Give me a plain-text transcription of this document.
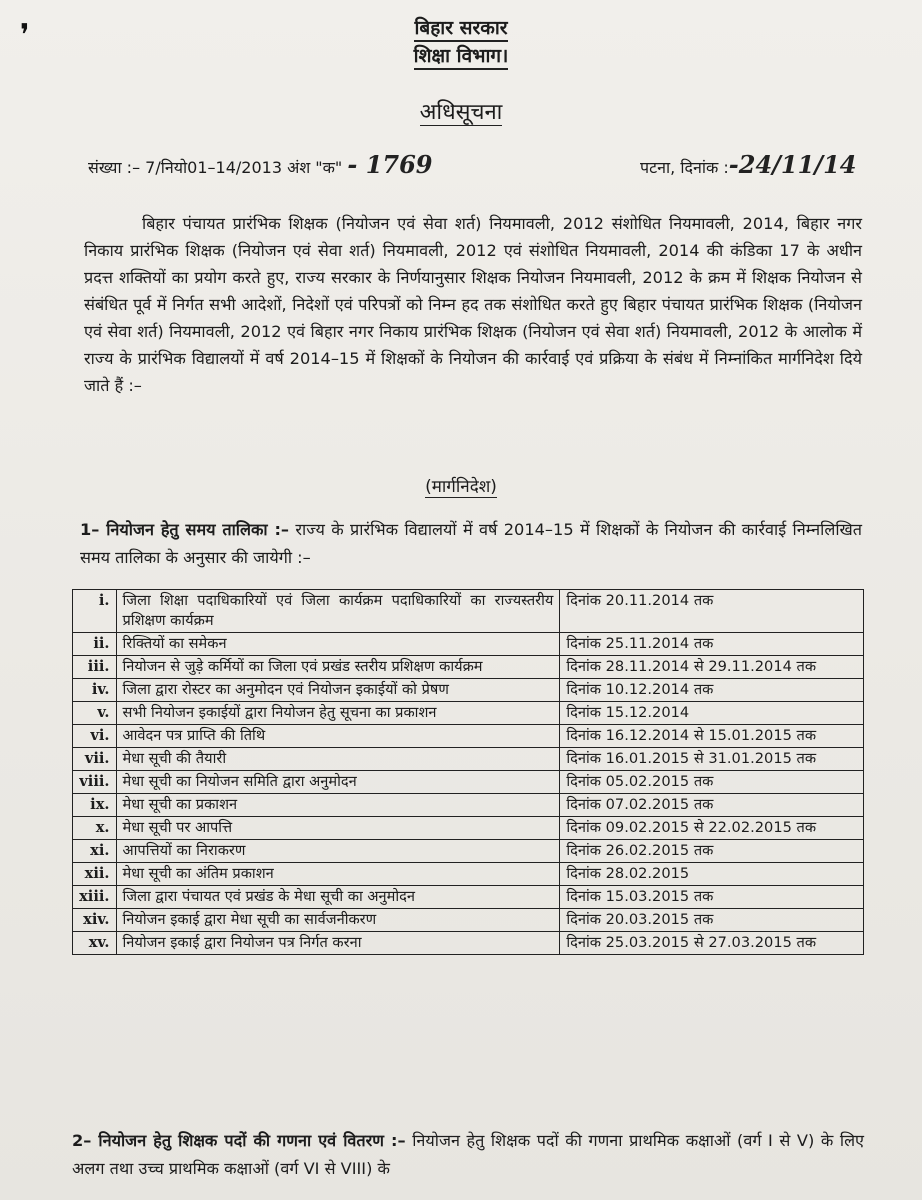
❜	बिहार सरकार
शिक्षा विभाग।
अधिसूचना
संख्या :– 7/नियो01–14/2013 अंश "क" - 1769	पटना, दिनांक :-24/11/14
बिहार पंचायत प्रारंभिक शिक्षक (नियोजन एवं सेवा शर्त) नियमावली, 2012 संशोधित नियमावली, 2014, बिहार नगर निकाय प्रारंभिक शिक्षक (नियोजन एवं सेवा शर्त) नियमावली, 2012 एवं संशोधित नियमावली, 2014 की कंडिका 17 के अधीन प्रदत्त शक्तियों का प्रयोग करते हुए, राज्य सरकार के निर्णयानुसार शिक्षक नियोजन नियमावली, 2012 के क्रम में शिक्षक नियोजन से संबंधित पूर्व में निर्गत सभी आदेशों, निदेशों एवं परिपत्रों को निम्न हद तक संशोधित करते हुए बिहार पंचायत प्रारंभिक शिक्षक (नियोजन एवं सेवा शर्त) नियमावली, 2012 एवं बिहार नगर निकाय प्रारंभिक शिक्षक (नियोजन एवं सेवा शर्त) नियमावली, 2012 के आलोक में राज्य के प्रारंभिक विद्यालयों में वर्ष 2014–15 में शिक्षकों के नियोजन की कार्रवाई एवं प्रक्रिया के संबंध में निम्नांकित मार्गनिदेश दिये जाते हैं :–
(मार्गनिदेश)
1– नियोजन हेतु समय तालिका :– राज्य के प्रारंभिक विद्यालयों में वर्ष 2014–15 में शिक्षकों के नियोजन की कार्रवाई निम्नलिखित समय तालिका के अनुसार की जायेगी :–
i.	जिला शिक्षा पदाधिकारियों एवं जिला कार्यक्रम पदाधिकारियों का राज्यस्तरीय प्रशिक्षण कार्यक्रम	दिनांक 20.11.2014 तक
ii.	रिक्तियों का समेकन	दिनांक 25.11.2014 तक
iii.	नियोजन से जुड़े कर्मियों का जिला एवं प्रखंड स्तरीय प्रशिक्षण कार्यक्रम	दिनांक 28.11.2014 से 29.11.2014 तक
iv.	जिला द्वारा रोस्टर का अनुमोदन एवं नियोजन इकाईयों को प्रेषण	दिनांक 10.12.2014 तक
v.	सभी नियोजन इकाईयों द्वारा नियोजन हेतु सूचना का प्रकाशन	दिनांक 15.12.2014
vi.	आवेदन पत्र प्राप्ति की तिथि	दिनांक 16.12.2014 से 15.01.2015 तक
vii.	मेधा सूची की तैयारी	दिनांक 16.01.2015 से 31.01.2015 तक
viii.	मेधा सूची का नियोजन समिति द्वारा अनुमोदन	दिनांक 05.02.2015 तक
ix.	मेधा सूची का प्रकाशन	दिनांक 07.02.2015 तक
x.	मेधा सूची पर आपत्ति	दिनांक 09.02.2015 से 22.02.2015 तक
xi.	आपत्तियों का निराकरण	दिनांक 26.02.2015 तक
xii.	मेधा सूची का अंतिम प्रकाशन	दिनांक 28.02.2015
xiii.	जिला द्वारा पंचायत एवं प्रखंड के मेधा सूची का अनुमोदन	दिनांक 15.03.2015 तक
xiv.	नियोजन इकाई द्वारा मेधा सूची का सार्वजनीकरण	दिनांक 20.03.2015 तक
xv.	नियोजन इकाई द्वारा नियोजन पत्र निर्गत करना	दिनांक 25.03.2015 से 27.03.2015 तक
2– नियोजन हेतु शिक्षक पदों की गणना एवं वितरण :– नियोजन हेतु शिक्षक पदों की गणना प्राथमिक कक्षाओं (वर्ग I से V) के लिए अलग तथा उच्च प्राथमिक कक्षाओं (वर्ग VI से VIII) के
